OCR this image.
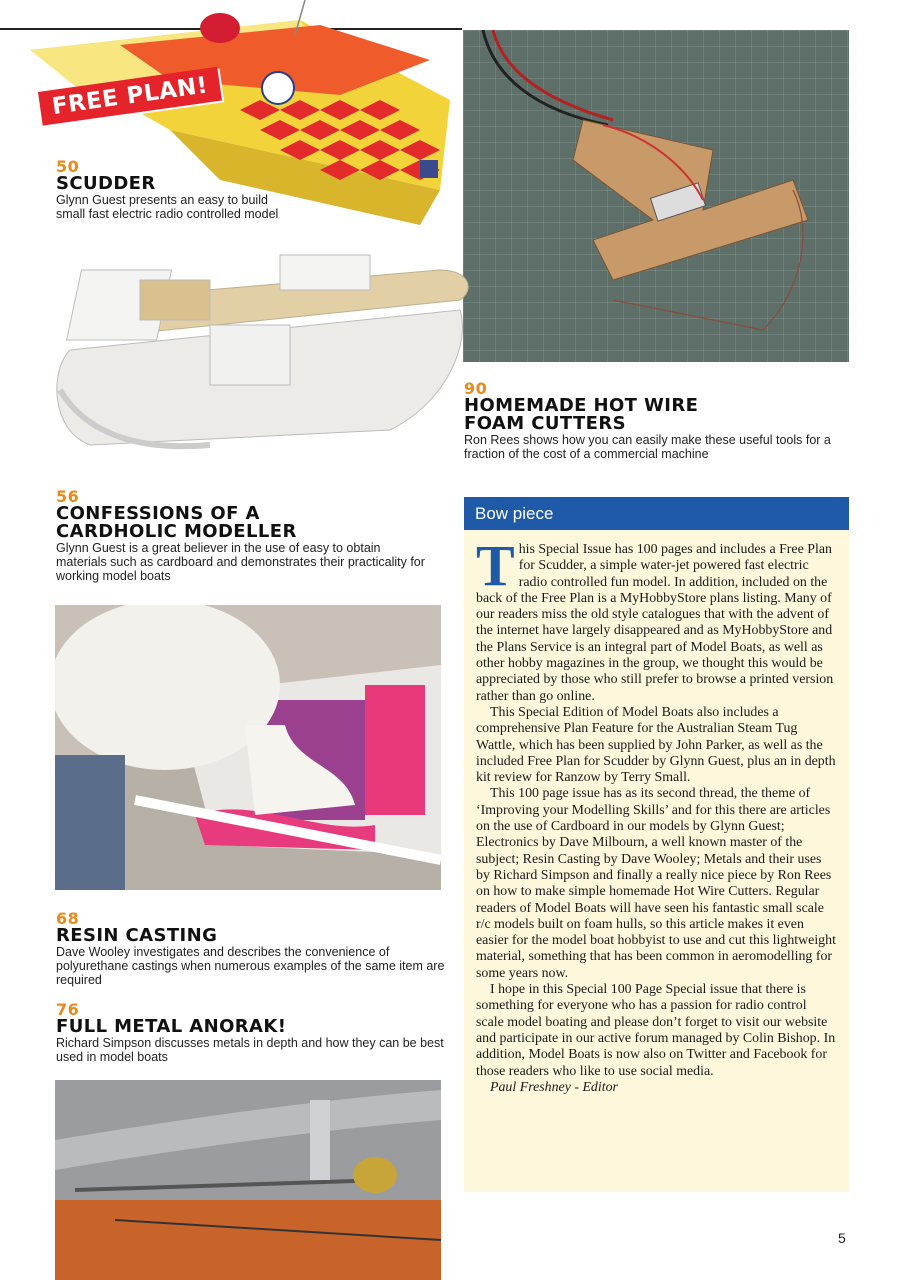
FREE PLAN!
50
SCUDDER
Glynn Guest presents an easy to build small fast electric radio controlled model
90
HOMEMADE HOT WIRE FOAM CUTTERS
Ron Rees shows how you can easily make these useful tools for a fraction of the cost of a commercial machine
56
CONFESSIONS OF A CARDHOLIC MODELLER
Glynn Guest is a great believer in the use of easy to obtain materials such as cardboard and demonstrates their practicality for working model boats
68
RESIN CASTING
Dave Wooley investigates and describes the convenience of polyurethane castings when numerous examples of the same item are required
76
FULL METAL ANORAK!
Richard Simpson discusses metals in depth and how they can be best used in model boats
Bow piece

This Special Issue has 100 pages and includes a Free Plan for Scudder, a simple water-jet powered fast electric radio controlled fun model. In addition, included on the back of the Free Plan is a MyHobbyStore plans listing. Many of our readers miss the old style catalogues that with the advent of the internet have largely disappeared and as MyHobbyStore and the Plans Service is an integral part of Model Boats, as well as other hobby magazines in the group, we thought this would be appreciated by those who still prefer to browse a printed version rather than go online.

This Special Edition of Model Boats also includes a comprehensive Plan Feature for the Australian Steam Tug Wattle, which has been supplied by John Parker, as well as the included Free Plan for Scudder by Glynn Guest, plus an in depth kit review for Ranzow by Terry Small.

This 100 page issue has as its second thread, the theme of ‘Improving your Modelling Skills’ and for this there are articles on the use of Cardboard in our models by Glynn Guest; Electronics by Dave Milbourn, a well known master of the subject; Resin Casting by Dave Wooley; Metals and their uses by Richard Simpson and finally a really nice piece by Ron Rees on how to make simple homemade Hot Wire Cutters. Regular readers of Model Boats will have seen his fantastic small scale r/c models built on foam hulls, so this article makes it even easier for the model boat hobbyist to use and cut this lightweight material, something that has been common in aeromodelling for some years now.

I hope in this Special 100 Page Special issue that there is something for everyone who has a passion for radio control scale model boating and please don’t forget to visit our website and participate in our active forum managed by Colin Bishop. In addition, Model Boats is now also on Twitter and Facebook for those readers who like to use social media.

Paul Freshney - Editor

5
